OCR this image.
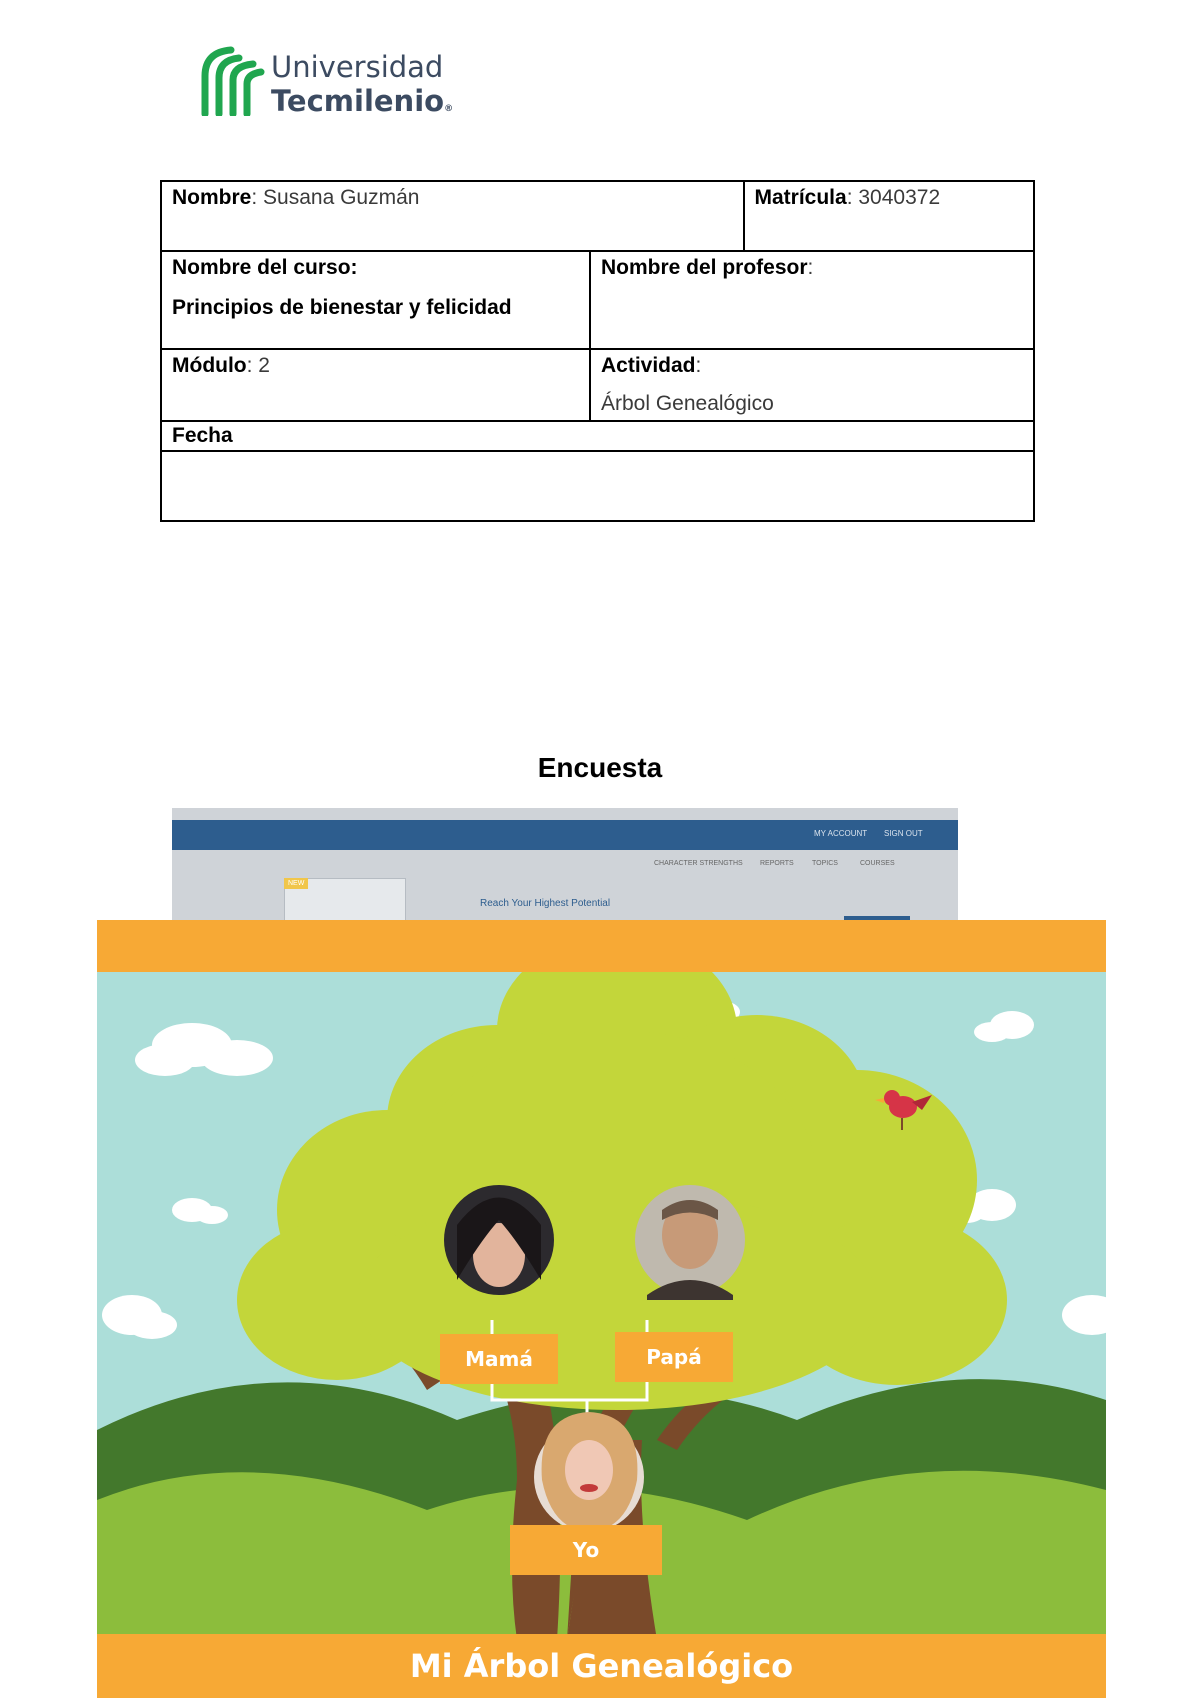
Universidad
Tecmilenio®
Nombre: Susana Guzmán		Matrícula: 3040372

Nombre del curso:
Principios de bienestar y felicidad	Nombre del profesor:	
Módulo: 2	Actividad:
Árbol Genealógico	

Fecha		

Encuesta
MY ACCOUNT SIGN OUT
CHARACTER STRENGTHS REPORTS	TOPICS	COURSES
NEW
Reach Your Highest Potential
Mamá	Papá
Yo
Mi Árbol Genealógico
